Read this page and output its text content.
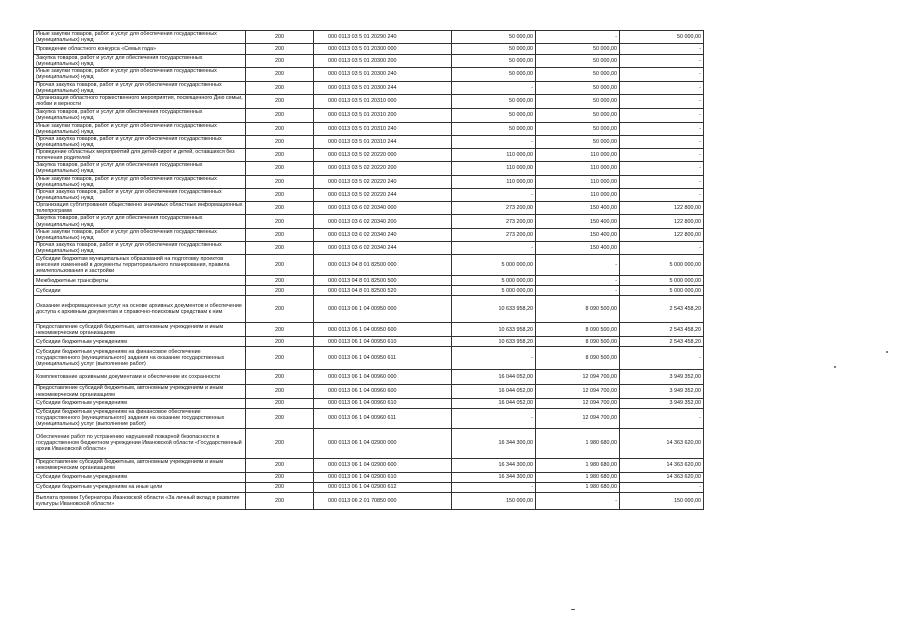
Иные закупки товаров, работ и услуг для обеспечения государственных (муниципальных) нужд	200	000 0113 03 5 01 20290 240	50 000,00	-	50 000,00
Проведение областного конкурса «Семья года»	200	000 0113 03 5 01 20300 000	50 000,00	50 000,00	-
Закупка товаров, работ и услуг для обеспечения государственных (муниципальных) нужд	200	000 0113 03 5 01 20300 200	50 000,00	50 000,00	-
Иные закупки товаров, работ и услуг для обеспечения государственных (муниципальных) нужд	200	000 0113 03 5 01 20300 240	50 000,00	50 000,00	-
Прочая закупка товаров, работ и услуг для обеспечения государственных (муниципальных) нужд	200	000 0113 03 5 01 20300 244	-	50 000,00	-
Организация областного торжественного мероприятия, посвященного Дню семьи, любви и верности	200	000 0113 03 5 01 20310 000	50 000,00	50 000,00	-
Закупка товаров, работ и услуг для обеспечения государственных (муниципальных) нужд	200	000 0113 03 5 01 20310 200	50 000,00	50 000,00	-
Иные закупки товаров, работ и услуг для обеспечения государственных (муниципальных) нужд	200	000 0113 03 5 01 20310 240	50 000,00	50 000,00	-
Прочая закупка товаров, работ и услуг для обеспечения государственных (муниципальных) нужд	200	000 0113 03 5 01 20310 244	-	50 000,00	-
Проведение областных мероприятий для детей-сирот и детей, оставшихся без попечения родителей	200	000 0113 03 5 02 20220 000	110 000,00	110 000,00	-
Закупка товаров, работ и услуг для обеспечения государственных (муниципальных) нужд	200	000 0113 03 5 02 20220 200	110 000,00	110 000,00	-
Иные закупки товаров, работ и услуг для обеспечения государственных (муниципальных) нужд	200	000 0113 03 5 02 20220 240	110 000,00	110 000,00	-
Прочая закупка товаров, работ и услуг для обеспечения государственных (муниципальных) нужд	200	000 0113 03 5 02 20220 244	-	110 000,00	-
Организация субтитрования общественно значимых областных информационных телепрограмм	200	000 0113 03 6 02 20340 000	273 200,00	150 400,00	122 800,00
Закупка товаров, работ и услуг для обеспечения государственных (муниципальных) нужд	200	000 0113 03 6 02 20340 200	273 200,00	150 400,00	122 800,00
Иные закупки товаров, работ и услуг для обеспечения государственных (муниципальных) нужд	200	000 0113 03 6 02 20340 240	273 200,00	150 400,00	122 800,00
Прочая закупка товаров, работ и услуг для обеспечения государственных (муниципальных) нужд	200	000 0113 03 6 02 20340 244	-	150 400,00	-
Субсидии бюджетам муниципальных образований на подготовку проектов внесения изменений в документы территориального планирования, правила землепользования и застройки	200	000 0113 04 8 01 82500 000	5 000 000,00	-	5 000 000,00
Межбюджетные трансферты	200	000 0113 04 8 01 82500 500	5 000 000,00	-	5 000 000,00
Субсидии	200	000 0113 04 8 01 82500 520	5 000 000,00	-	5 000 000,00
Оказание информационных услуг на основе архивных документов и обеспечение доступа к архивным документам и справочно-поисковым средствам к ним	200	000 0113 06 1 04 00950 000	10 633 958,20	8 090 500,00	2 543 458,20
Предоставление субсидий бюджетным, автономным учреждениям и иным некоммерческим организациям	200	000 0113 06 1 04 00950 600	10 633 958,20	8 090 500,00	2 543 458,20
Субсидии бюджетным учреждениям	200	000 0113 06 1 04 00950 610	10 633 958,20	8 090 500,00	2 543 458,20
Субсидии бюджетным учреждениям на финансовое обеспечение государственного (муниципального) задания на оказание государственных (муниципальных) услуг (выполнение работ)	200	000 0113 06 1 04 00950 611	-	8 090 500,00	-
Комплектование архивными документами и обеспечение их сохранности	200	000 0113 06 1 04 00960 000	16 044 052,00	12 094 700,00	3 949 352,00
Предоставление субсидий бюджетным, автономным учреждениям и иным некоммерческим организациям	200	000 0113 06 1 04 00960 600	16 044 052,00	12 094 700,00	3 949 352,00
Субсидии бюджетным учреждениям	200	000 0113 06 1 04 00960 610	16 044 052,00	12 094 700,00	3 949 352,00
Субсидии бюджетным учреждениям на финансовое обеспечение государственного (муниципального) задания на оказание государственных (муниципальных) услуг (выполнение работ)	200	000 0113 06 1 04 00960 611	-	12 094 700,00	-
Обеспечение работ по устранению нарушений пожарной безопасности в государственном бюджетном учреждении Ивановской области «Государственный архив Ивановской области»	200	000 0113 06 1 04 02900 000	16 344 300,00	1 980 680,00	14 363 620,00
Предоставление субсидий бюджетным, автономным учреждениям и иным некоммерческим организациям	200	000 0113 06 1 04 02900 600	16 344 300,00	1 980 680,00	14 363 620,00
Субсидии бюджетным учреждениям	200	000 0113 06 1 04 02900 610	16 344 300,00	1 980 680,00	14 363 620,00
Субсидии бюджетным учреждениям на иные цели	200	000 0113 06 1 04 02900 612	-	1 980 680,00	-
Выплата премии Губернатора Ивановской области «За личный вклад в развитие культуры Ивановской области»	200	000 0113 06 2 01 70850 000	150 000,00	-	150 000,00
